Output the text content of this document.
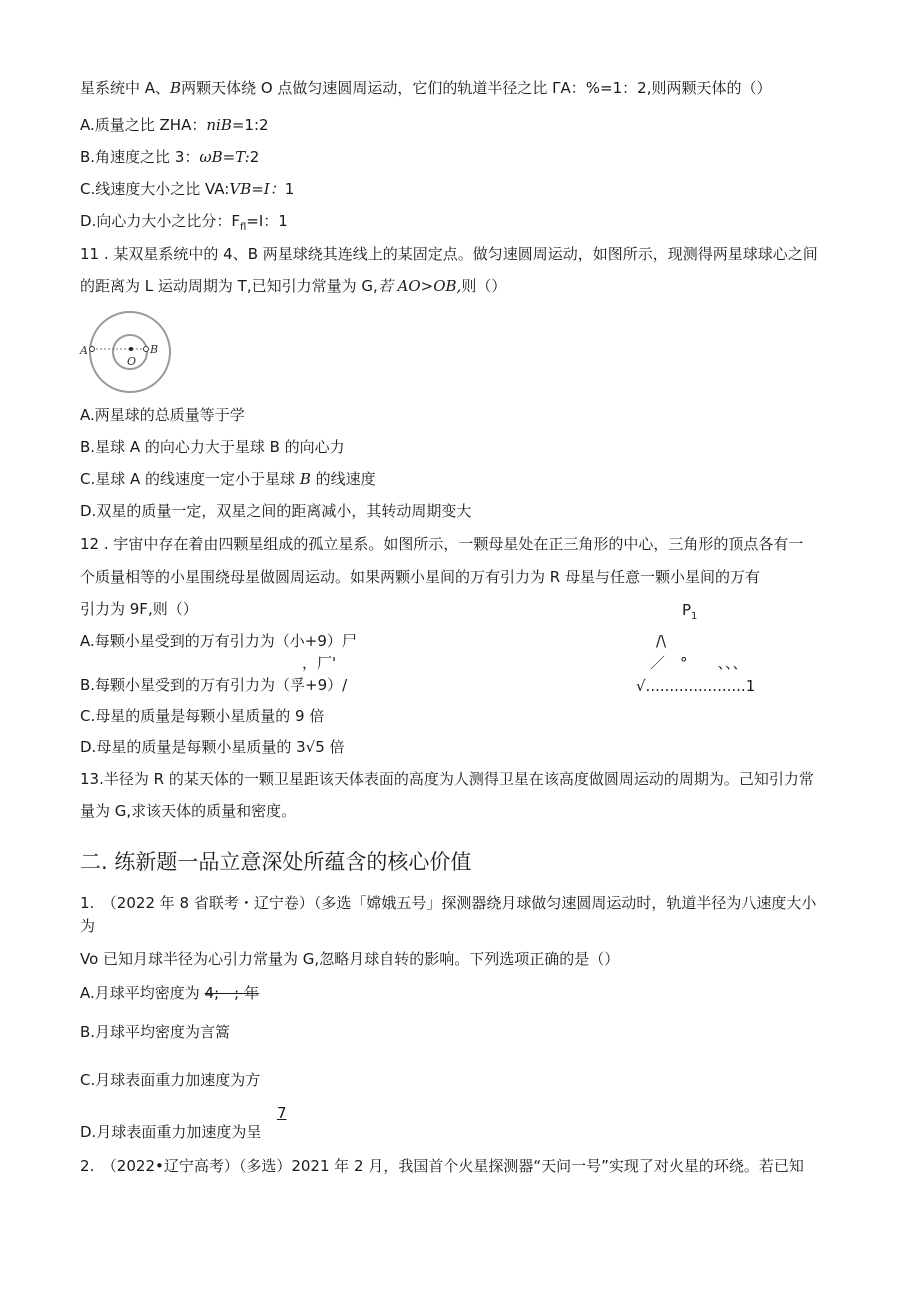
星系统中 A、B两颗天体绕 O 点做匀速圆周运动，它们的轨道半径之比 ΓA：%=1：2,则两颗天体的（）
A.质量之比 ZHA：niB=1:2
B.角速度之比 3：ωB=T:2
C.线速度大小之比 VA:VB=I：1
D.向心力大小之比分：$F_{fl}=I$：1
11 . 某双星系统中的 4、B 两星球绕其连线上的某固定点。做匀速圆周运动，如图所示，现测得两星球球心之间
的距离为 L 运动周期为 T,已知引力常量为 G,若 AO>OB,则（）
A
O
B
A.两星球的总质量等于学
B.星球 A 的向心力大于星球 B 的向心力
C.星球 A 的线速度一定小于星球 B 的线速度
D.双星的质量一定，双星之间的距离减小，其转动周期变大
12 . 宇宙中存在着由四颗星组成的孤立星系。如图所示，一颗母星处在正三角形的中心，三角形的顶点各有一
个质量相等的小星围绕母星做圆周运动。如果两颗小星间的万有引力为 R 母星与任意一颗小星间的万有
引力为 9F,则（）
A.每颗小星受到的万有引力为（小+9）尸
，厂'
B.每颗小星受到的万有引力为（孚+9）/
C.母星的质量是每颗小星质量的 9 倍
D.母星的质量是每颗小星质量的 3√5 倍
$P_1$
/\
／　°　　、、、
√.....................1
13.半径为 R 的某天体的一颗卫星距该天体表面的高度为人测得卫星在该高度做圆周运动的周期为。己知引力常
量为 G,求该天体的质量和密度。
二. 练新题一品立意深处所蕴含的核心价值
1.　（2022 年 8 省联考・辽宁卷）（多选「嫦娥五号」探测器绕月球做匀速圆周运动时，轨道半径为八速度大小
为
Vo 已知月球半径为心引力常量为 G,忽略月球自转的影响。下列选项正确的是（）
A.月球平均密度为 4;　; 年
B.月球平均密度为言篙
C.月球表面重力加速度为方
7
D.月球表面重力加速度为呈
2.　（2022•辽宁高考）（多选）2021 年 2 月，我国首个火星探测器“天问一号”实现了对火星的环绕。若已知
